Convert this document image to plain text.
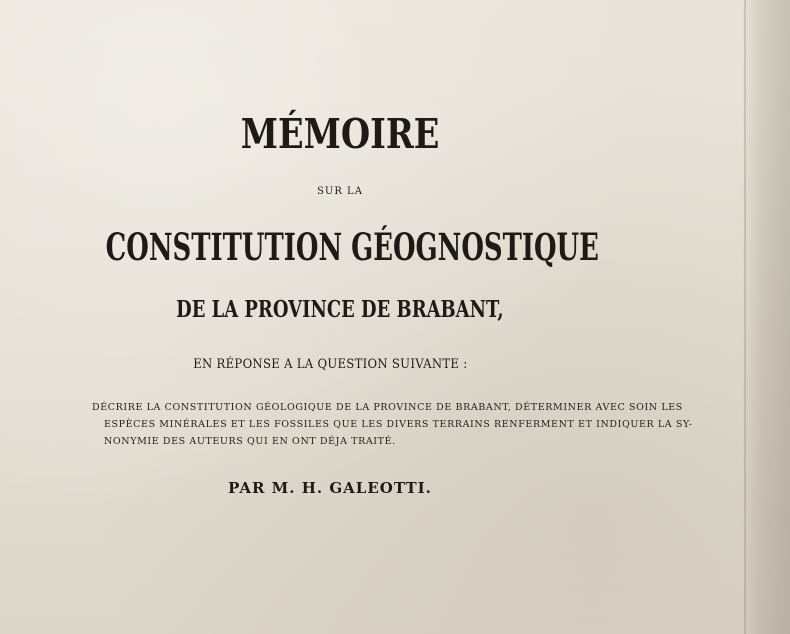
MÉMOIRE
SUR LA
CONSTITUTION GÉOGNOSTIQUE
DE LA PROVINCE DE BRABANT,
EN RÉPONSE A LA QUESTION SUIVANTE :
DÉCRIRE LA CONSTITUTION GÉOLOGIQUE DE LA PROVINCE DE BRABANT, DÉTERMINER AVEC SOIN LES
ESPÈCES MINÉRALES ET LES FOSSILES QUE LES DIVERS TERRAINS RENFERMENT ET INDIQUER LA SY-
NONYMIE DES AUTEURS QUI EN ONT DÉJA TRAITÉ.
PAR M. H. GALEOTTI.
